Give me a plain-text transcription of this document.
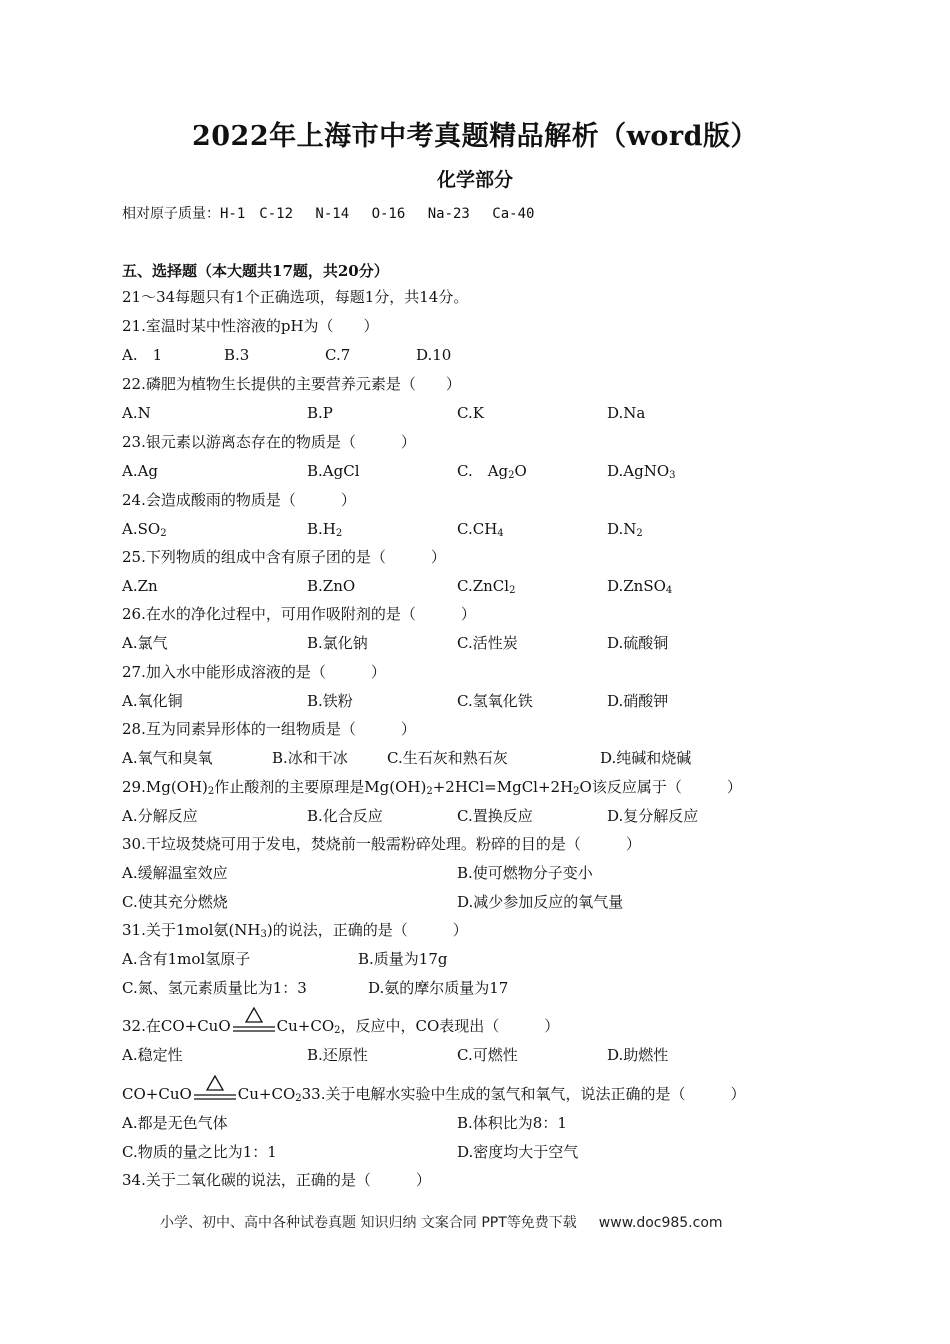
2022年上海市中考真题精品解析（word版）
化学部分
相对原子质量：H-1　C-12　 N-14　 O-16　 Na-23　 Ca-40
五、选择题（本大题共17题，共20分）
21～34每题只有1个正确选项，每题1分，共14分。
21.室温时某中性溶液的pH为（　　）
A.　1	B.3	C.7	D.10
22.磷肥为植物生长提供的主要营养元素是（　　）
A.N	B.P	C.K	D.Na
23.银元素以游离态存在的物质是（　　　）
A.Ag	B.AgCl	C.　$Ag_2O$	D.AgNO$_3$
24.会造成酸雨的物质是（　　　）
$A.SO_2$	$B.H_2$	$C.CH_4$	$D.N_2$
25.下列物质的组成中含有原子团的是（　　　）
A.Zn	B.ZnO	C.ZnCl$_2$	D.ZnSO$_4$
26.在水的净化过程中，可用作吸附剂的是（　　　）
A.氯气	B.氯化钠	C.活性炭	D.硫酸铜
27.加入水中能形成溶液的是（　　　）
A.氧化铜	B.铁粉	C.氢氧化铁	D.硝酸钾
28.互为同素异形体的一组物质是（　　　）
A.氧气和臭氧	B.冰和干冰	C.生石灰和熟石灰	D.纯碱和烧碱
$29.Mg(OH)_2$作止酸剂的主要原理是$Mg(OH)_2+2HCl=MgCl+2H_2O$该反应属于（　　　）
A.分解反应	B.化合反应	C.置换反应	D.复分解反应
30.干垃圾焚烧可用于发电，焚烧前一般需粉碎处理。粉碎的目的是（　　　）
A.缓解温室效应	B.使可燃物分子变小
C.使其充分燃烧	D.减少参加反应的氧气量
31.关于1mol氨$(NH_3)$的说法，正确的是（　　　）
A.含有1mol氢原子	B.质量为17g
C.氮、氢元素质量比为1：3	D.氨的摩尔质量为17
32.在CO+CuO	$Cu+CO_2$，反应中，CO表现出（　　　）
A.稳定性	B.还原性	C.可燃性	D.助燃性
CO+CuO	$Cu+CO_233$.关于电解水实验中生成的氢气和氧气，说法正确的是（　　　）
A.都是无色气体	B.体积比为8：1
C.物质的量之比为1：1	D.密度均大于空气
34.关于二氧化碳的说法，正确的是（　　　）
小学、初中、高中各种试卷真题 知识归纳 文案合同 PPT等免费下载 www.doc985.com
